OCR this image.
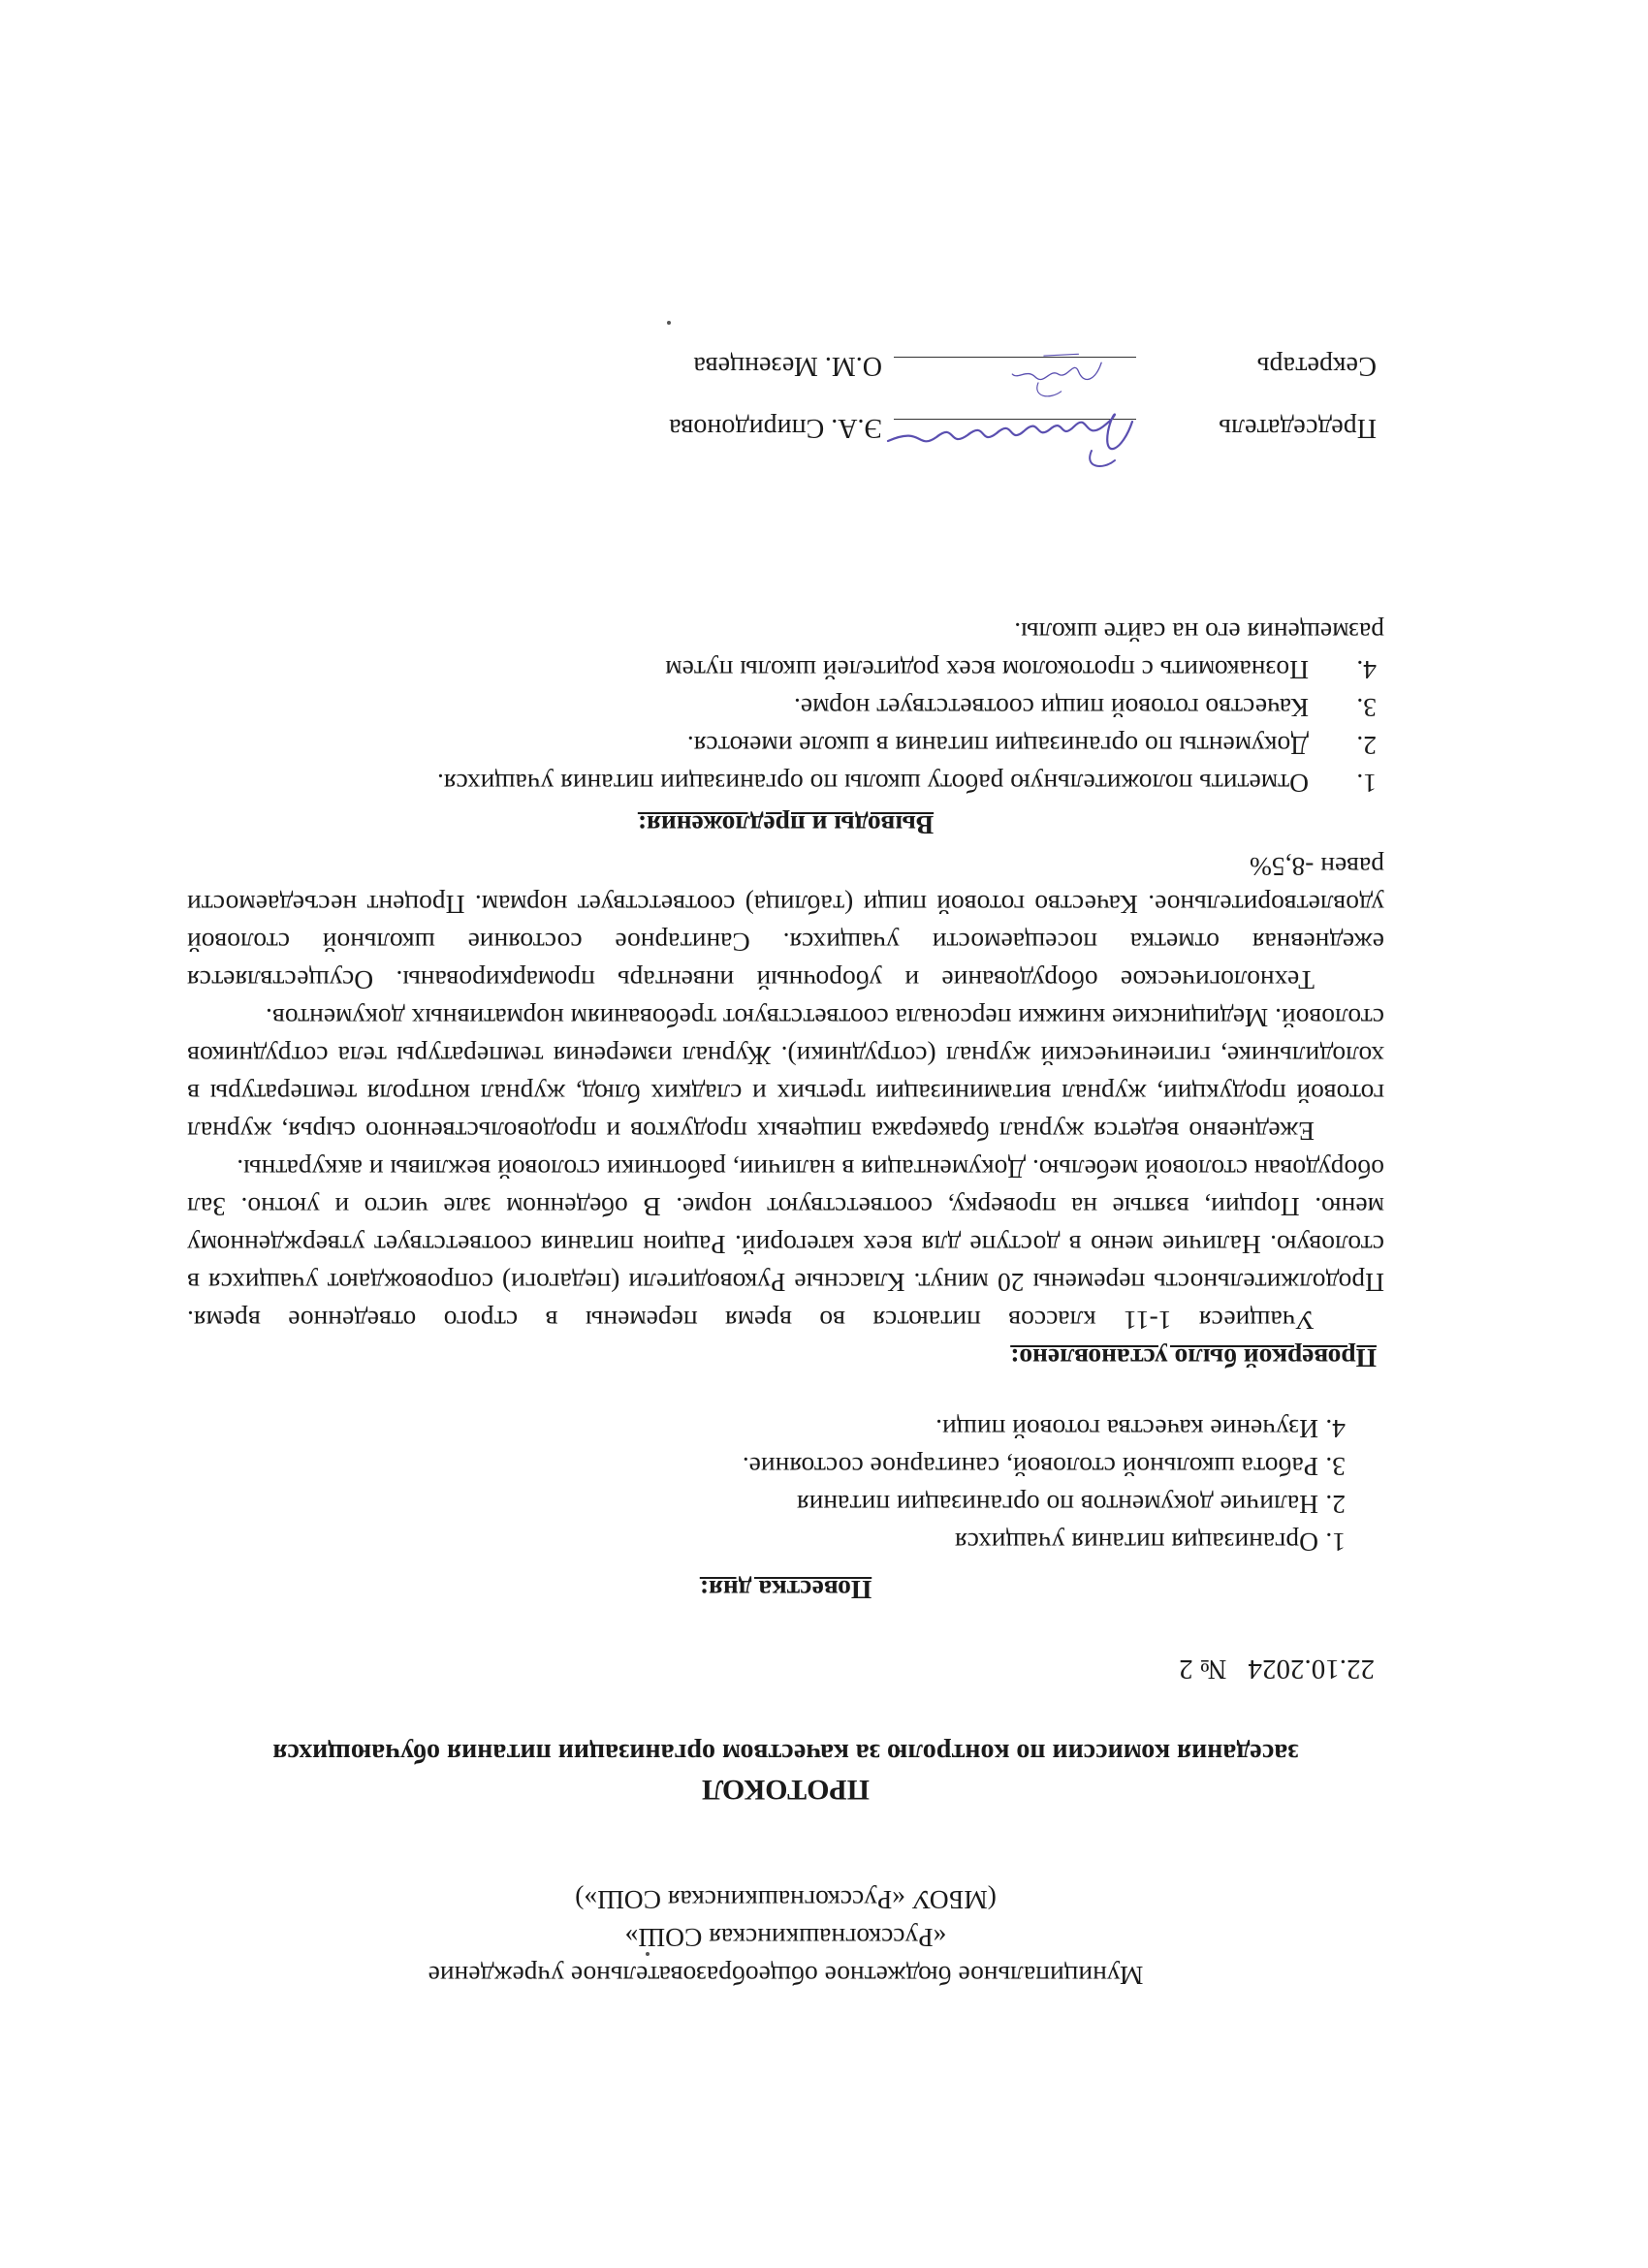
Муниципальное бюджетное общеобразовательное учреждение
«Русскогнашкинская СОШ»
(МБОУ «Русскогнашкинская СОШ»)
ПРОТОКОЛ
заседания комиссии по контролю за качеством организации питания обучающихся
22.10.2024№ 2
Повестка дня:
1.Организация питания учащихся
2.Наличие документов по организации питания
3.Работа школьной столовой, санитарное состояние.
4.Изучение качества готовой пищи.
Проверкой было установлено:
Учащиеся 1-11 классов питаются во время перемены в строго отведенное время. Продолжительность перемены 20 минут. Классные Руководители (педагоги) сопровождают учащихся в столовую. Наличие меню в доступе для всех категорий. Рацион питания соответствует утвержденному меню. Порции, взятые на проверку, соответствуют норме. В обеденном зале чисто и уютно. Зал оборудован столовой мебелью. Документация в наличии, работники столовой вежливы и аккуратны.
Ежедневно ведется журнал бракеража пищевых продуктов и продовольственного сырья, журнал готовой продукции, журнал витаминизации третьих и сладких блюд, журнал контроля температуры в холодильнике, гигиенический журнал (сотрудники). Журнал измерения температуры тела сотрудников столовой. Медицинские книжки персонала соответствуют требованиям нормативных документов.
Технологическое оборудование и уборочный инвентарь промаркированы. Осуществляется ежедневная отметка посещаемости учащихся. Санитарное состояние школьной столовой удовлетворительное. Качество готовой пищи (таблица) соответствует нормам. Процент несъедаемости равен -8,5%
Выводы и предложения:
1.Отметить положительную работу школы по организации питания учащихся.
2.Документы по организации питания в школе имеются.
3.Качество готовой пищи соответствует норме.
4.Познакомить с протоколом всех родителей школы путем
размещения его на сайте школы.
Председатель
Э.А. Спиридонова
Секретарь
О.М. Мезенцева
